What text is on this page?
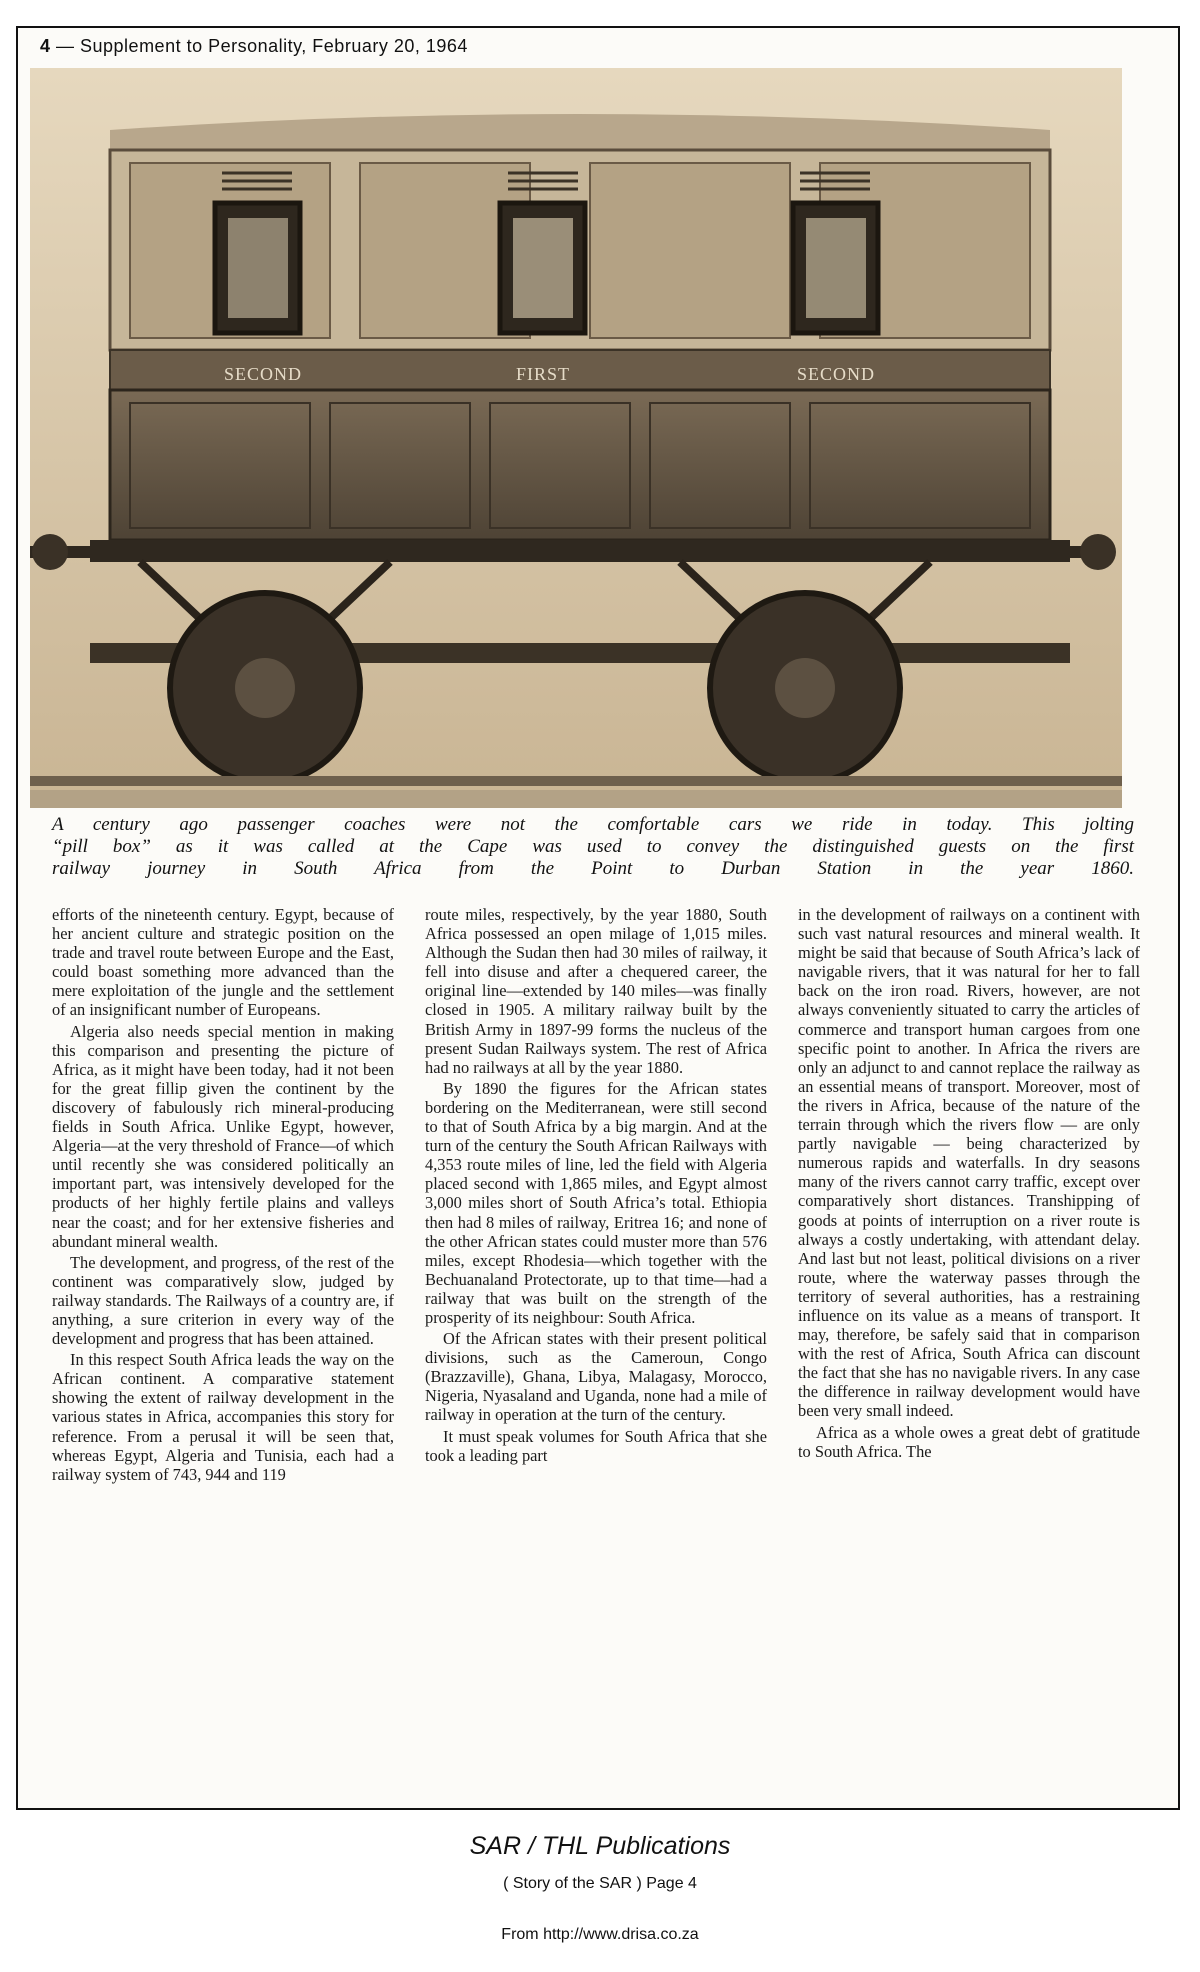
4 — Supplement to Personality, February 20, 1964
SECOND	FIRST	SECOND

A century ago passenger coaches were not the comfortable cars we ride in today. This jolting

“pill box” as it was called at the Cape was used to convey the distinguished guests on the first

railway journey in South Africa from the Point to Durban Station in the year 1860.

efforts of the nineteenth century. Egypt, because of her ancient culture and strategic position on the trade and travel route between Europe and the East, could boast something more advanced than the mere exploitation of the jungle and the settlement of an insignificant number of Europeans.

Algeria also needs special mention in making this comparison and presenting the picture of Africa, as it might have been today, had it not been for the great fillip given the continent by the discovery of fabulously rich mineral-producing fields in South Africa. Unlike Egypt, however, Algeria—at the very threshold of France—of which until recently she was considered politically an important part, was intensively developed for the products of her highly fertile plains and valleys near the coast; and for her extensive fisheries and abundant mineral wealth.

The development, and progress, of the rest of the continent was comparatively slow, judged by railway standards. The Railways of a country are, if anything, a sure criterion in every way of the development and progress that has been attained.

In this respect South Africa leads the way on the African continent. A comparative statement showing the extent of railway development in the various states in Africa, accompanies this story for reference. From a perusal it will be seen that, whereas Egypt, Algeria and Tunisia, each had a railway system of 743, 944 and 119

route miles, respectively, by the year 1880, South Africa possessed an open milage of 1,015 miles. Although the Sudan then had 30 miles of railway, it fell into disuse and after a chequered career, the original line—extended by 140 miles—was finally closed in 1905. A military railway built by the British Army in 1897-99 forms the nucleus of the present Sudan Railways system. The rest of Africa had no railways at all by the year 1880.

By 1890 the figures for the African states bordering on the Mediterranean, were still second to that of South Africa by a big margin. And at the turn of the century the South African Railways with 4,353 route miles of line, led the field with Algeria placed second with 1,865 miles, and Egypt almost 3,000 miles short of South Africa’s total. Ethiopia then had 8 miles of railway, Eritrea 16; and none of the other African states could muster more than 576 miles, except Rhodesia—which together with the Bechuanaland Protectorate, up to that time—had a railway that was built on the strength of the prosperity of its neighbour: South Africa.

Of the African states with their present political divisions, such as the Cameroun, Congo (Brazzaville), Ghana, Libya, Malagasy, Morocco, Nigeria, Nyasaland and Uganda, none had a mile of railway in operation at the turn of the century.

It must speak volumes for South Africa that she took a leading part

in the development of railways on a continent with such vast natural resources and mineral wealth. It might be said that because of South Africa’s lack of navigable rivers, that it was natural for her to fall back on the iron road. Rivers, however, are not always conveniently situated to carry the articles of commerce and transport human cargoes from one specific point to another. In Africa the rivers are only an adjunct to and cannot replace the railway as an essential means of transport. Moreover, most of the rivers in Africa, because of the nature of the terrain through which the rivers flow — are only partly navigable — being characterized by numerous rapids and waterfalls. In dry seasons many of the rivers cannot carry traffic, except over comparatively short distances. Transhipping of goods at points of interruption on a river route is always a costly undertaking, with attendant delay. And last but not least, political divisions on a river route, where the waterway passes through the territory of several authorities, has a restraining influence on its value as a means of transport. It may, therefore, be safely said that in comparison with the rest of Africa, South Africa can discount the fact that she has no navigable rivers. In any case the difference in railway development would have been very small indeed.

Africa as a whole owes a great debt of gratitude to South Africa. The

SAR / THL Publications
( Story of the SAR ) Page 4
From http://www.drisa.co.za
